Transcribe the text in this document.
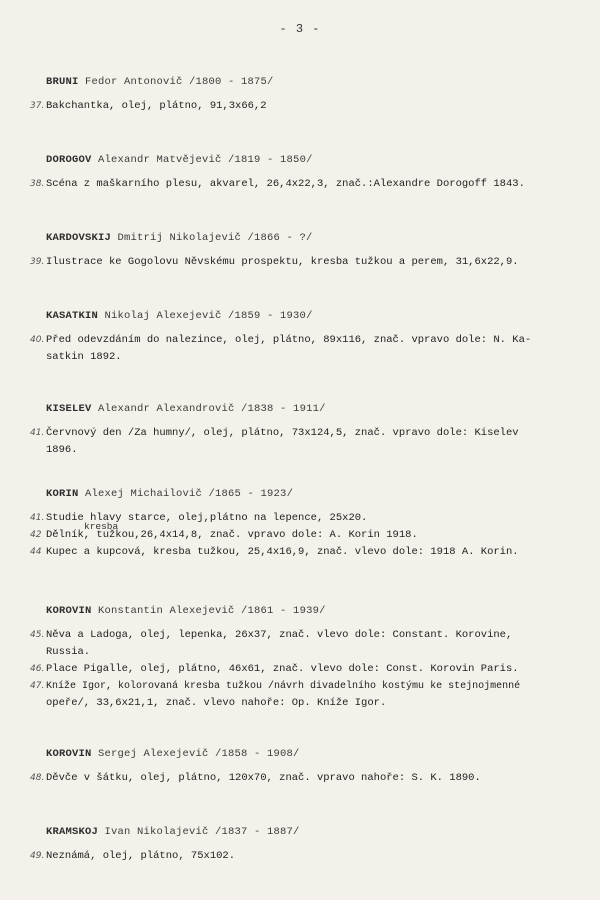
- 3 -
BRUNI Fedor Antonovič /1800 - 1875/
37. Bakchantka, olej, plátno, 91,3x66,2
DOROGOV Alexandr Matvějevič /1819 - 1850/
38. Scéna z maškarního plesu, akvarel, 26,4x22,3, znač.:Alexandre Dorogoff 1843.
KARDOVSKIJ Dmitrij Nikolajevič /1866 - ?/
39. Ilustrace ke Gogolovu Něvskému prospektu, kresba tužkou a perem, 31,6x22,9.
KASATKIN Nikolaj Alexejevič /1859 - 1930/
40. Před odevzdáním do nalezince, olej, plátno, 89x116, znač. vpravo dole: N. Ka-
satkin 1892.
KISELEV Alexandr Alexandrovič /1838 - 1911/
41. Červnový den /Za humny/, olej, plátno, 73x124,5, znač. vpravo dole: Kiselev
1896.
KORIN Alexej Michailovič /1865 - 1923/
41. Studie hlavy starce, olej,plátno na lepence, 25x20.
42 Dělník, tužkou,26,4x14,8, znač. vpravo dole: A. Korin 1918.
kresba
44 Kupec a kupcová, kresba tužkou, 25,4x16,9, znač. vlevo dole: 1918 A. Korin.
KOROVIN Konstantin Alexejevič /1861 - 1939/
45. Něva a Ladoga, olej, lepenka, 26x37, znač. vlevo dole: Constant. Korovine,
Russia.
46. Place Pigalle, olej, plátno, 46x61, znač. vlevo dole: Const. Korovin Paris.
47. Kníže Igor, kolorovaná kresba tužkou /návrh divadelního kostýmu ke stejnojmenné
opeře/, 33,6x21,1, znač. vlevo nahoře: Op. Kníže Igor.
KOROVIN Sergej Alexejevič /1858 - 1908/
48. Děvče v šátku, olej, plátno, 120x70, znač. vpravo nahoře: S. K. 1890.
KRAMSKOJ Ivan Nikolajevič /1837 - 1887/
49. Neznámá, olej, plátno, 75x102.
